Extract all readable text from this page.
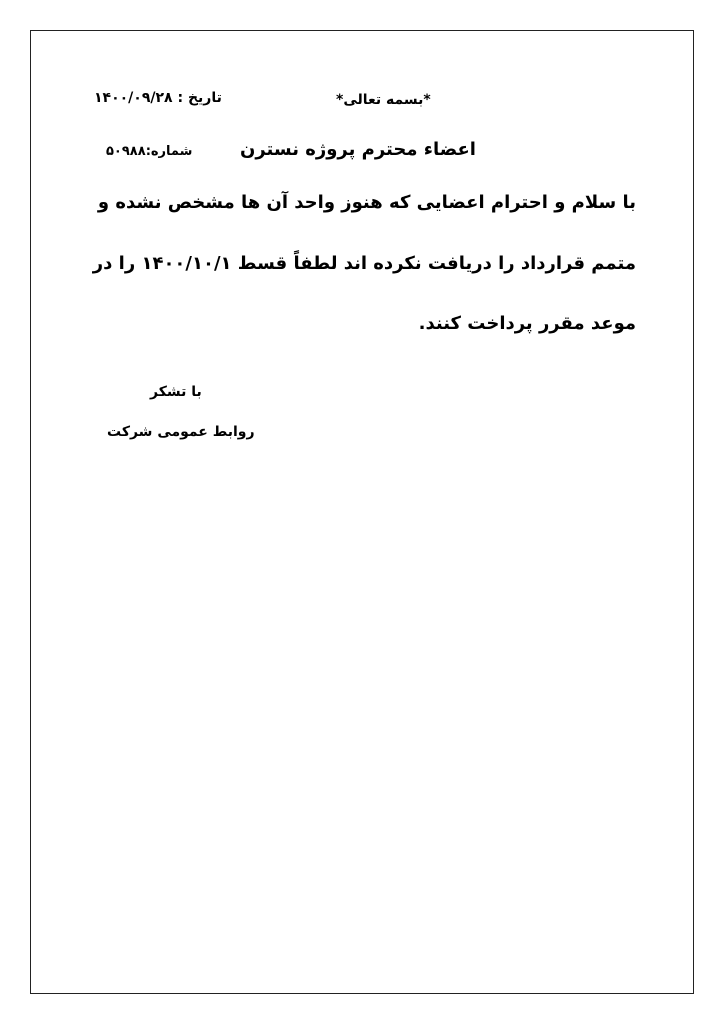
تاریخ : ۱۴۰۰/۰۹/۲۸	*بسمه تعالی*
شماره:۵۰۹۸۸	اعضاء محترم پروژه نسترن
با سلام و احترام اعضایی که هنوز واحد آن ها مشخص نشده و
متمم قرارداد را دریافت نکرده اند لطفاً قسط ۱۴۰۰/۱۰/۱ را در
موعد مقرر پرداخت کنند.
با تشکر
روابط عمومی شرکت
